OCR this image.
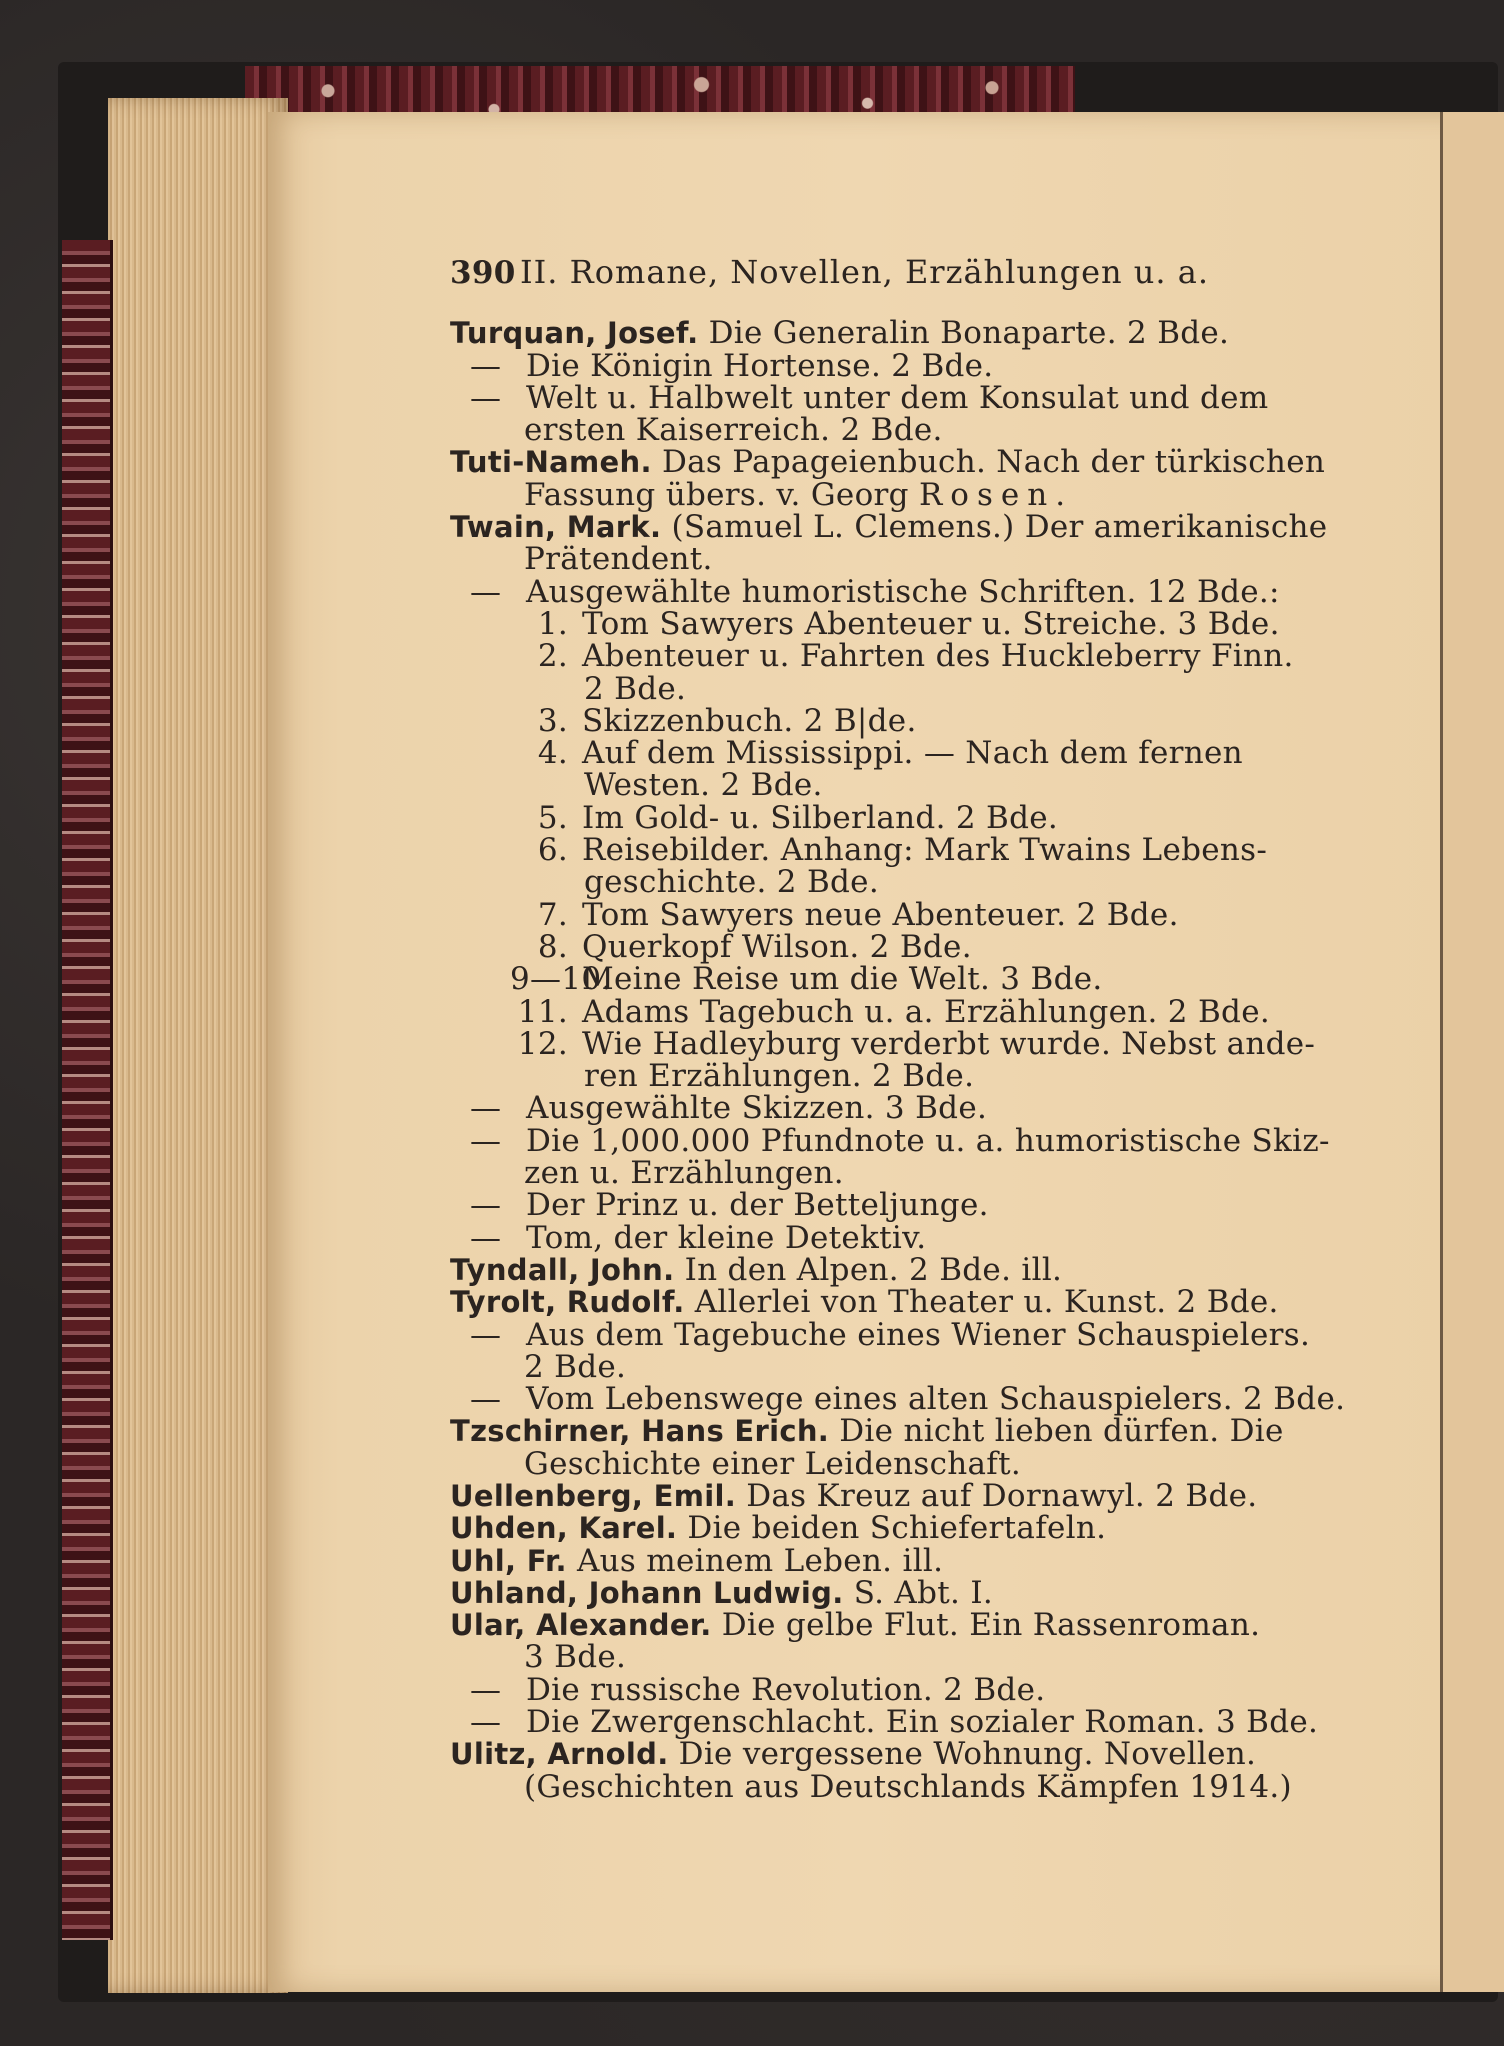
390 II. Romane, Novellen, Erzählungen u. a.
Turquan, Josef. Die Generalin Bonaparte. 2 Bde.
— Die Königin Hortense. 2 Bde.
— Welt u. Halbwelt unter dem Konsulat und dem
ersten Kaiserreich. 2 Bde.
Tuti-Nameh. Das Papageienbuch. Nach der türkischen
Fassung übers. v. Georg Rosen.
Twain, Mark. (Samuel L. Clemens.) Der amerikanische
Prätendent.
— Ausgewählte humoristische Schriften. 12 Bde.:
1. Tom Sawyers Abenteuer u. Streiche. 3 Bde.
2. Abenteuer u. Fahrten des Huckleberry Finn.
2 Bde.
3. Skizzenbuch. 2 B|de.
4. Auf dem Mississippi. — Nach dem fernen
Westen. 2 Bde.
5. Im Gold- u. Silberland. 2 Bde.
6. Reisebilder. Anhang: Mark Twains Lebens-
geschichte. 2 Bde.
7. Tom Sawyers neue Abenteuer. 2 Bde.
8. Querkopf Wilson. 2 Bde.
9—10.Meine Reise um die Welt. 3 Bde.
11. Adams Tagebuch u. a. Erzählungen. 2 Bde.
12. Wie Hadleyburg verderbt wurde. Nebst ande-
ren Erzählungen. 2 Bde.
— Ausgewählte Skizzen. 3 Bde.
— Die 1,000.000 Pfundnote u. a. humoristische Skiz-
zen u. Erzählungen.
— Der Prinz u. der Betteljunge.
— Tom, der kleine Detektiv.
Tyndall, John. In den Alpen. 2 Bde. ill.
Tyrolt, Rudolf. Allerlei von Theater u. Kunst. 2 Bde.
— Aus dem Tagebuche eines Wiener Schauspielers.
2 Bde.
— Vom Lebenswege eines alten Schauspielers. 2 Bde.
Tzschirner, Hans Erich. Die nicht lieben dürfen. Die
Geschichte einer Leidenschaft.
Uellenberg, Emil. Das Kreuz auf Dornawyl. 2 Bde.
Uhden, Karel. Die beiden Schiefertafeln.
Uhl, Fr. Aus meinem Leben. ill.
Uhland, Johann Ludwig. S. Abt. I.
Ular, Alexander. Die gelbe Flut. Ein Rassenroman.
3 Bde.
— Die russische Revolution. 2 Bde.
— Die Zwergenschlacht. Ein sozialer Roman. 3 Bde.
Ulitz, Arnold. Die vergessene Wohnung. Novellen.
(Geschichten aus Deutschlands Kämpfen 1914.)
